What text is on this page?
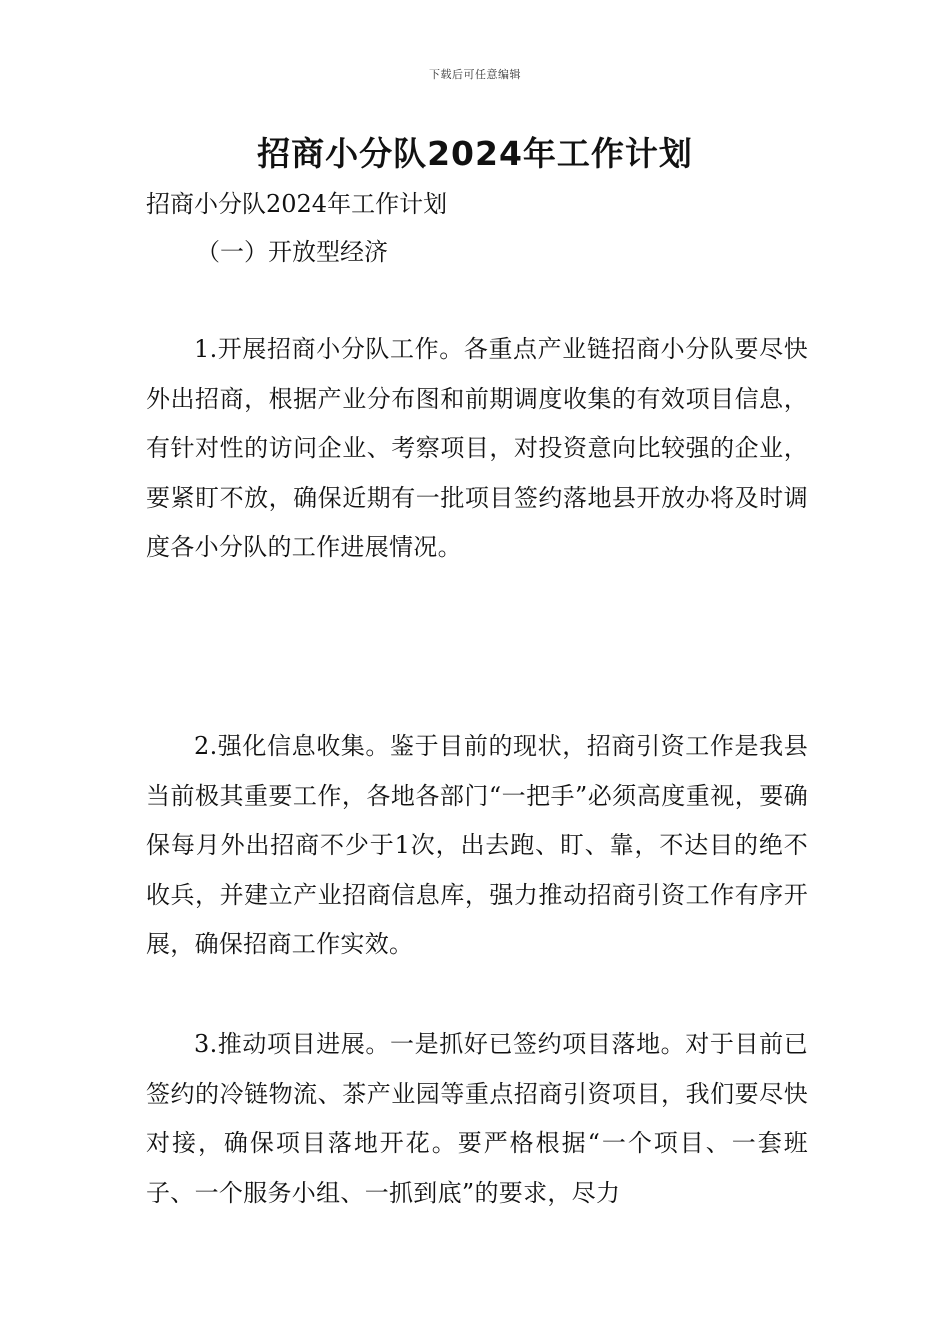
下载后可任意编辑
招商小分队2024年工作计划

招商小分队2024年工作计划

（一）开放型经济

1.开展招商小分队工作。各重点产业链招商小分队要尽快外出招商，根据产业分布图和前期调度收集的有效项目信息，有针对性的访问企业、考察项目，对投资意向比较强的企业，要紧盯不放，确保近期有一批项目签约落地县开放办将及时调度各小分队的工作进展情况。

2.强化信息收集。鉴于目前的现状，招商引资工作是我县当前极其重要工作，各地各部门“一把手”必须高度重视，要确保每月外出招商不少于1次，出去跑、盯、靠，不达目的绝不收兵，并建立产业招商信息库，强力推动招商引资工作有序开展，确保招商工作实效。

3.推动项目进展。一是抓好已签约项目落地。对于目前已签约的冷链物流、茶产业园等重点招商引资项目，我们要尽快对接，确保项目落地开花。要严格根据“一个项目、一套班子、一个服务小组、一抓到底”的要求，尽力
